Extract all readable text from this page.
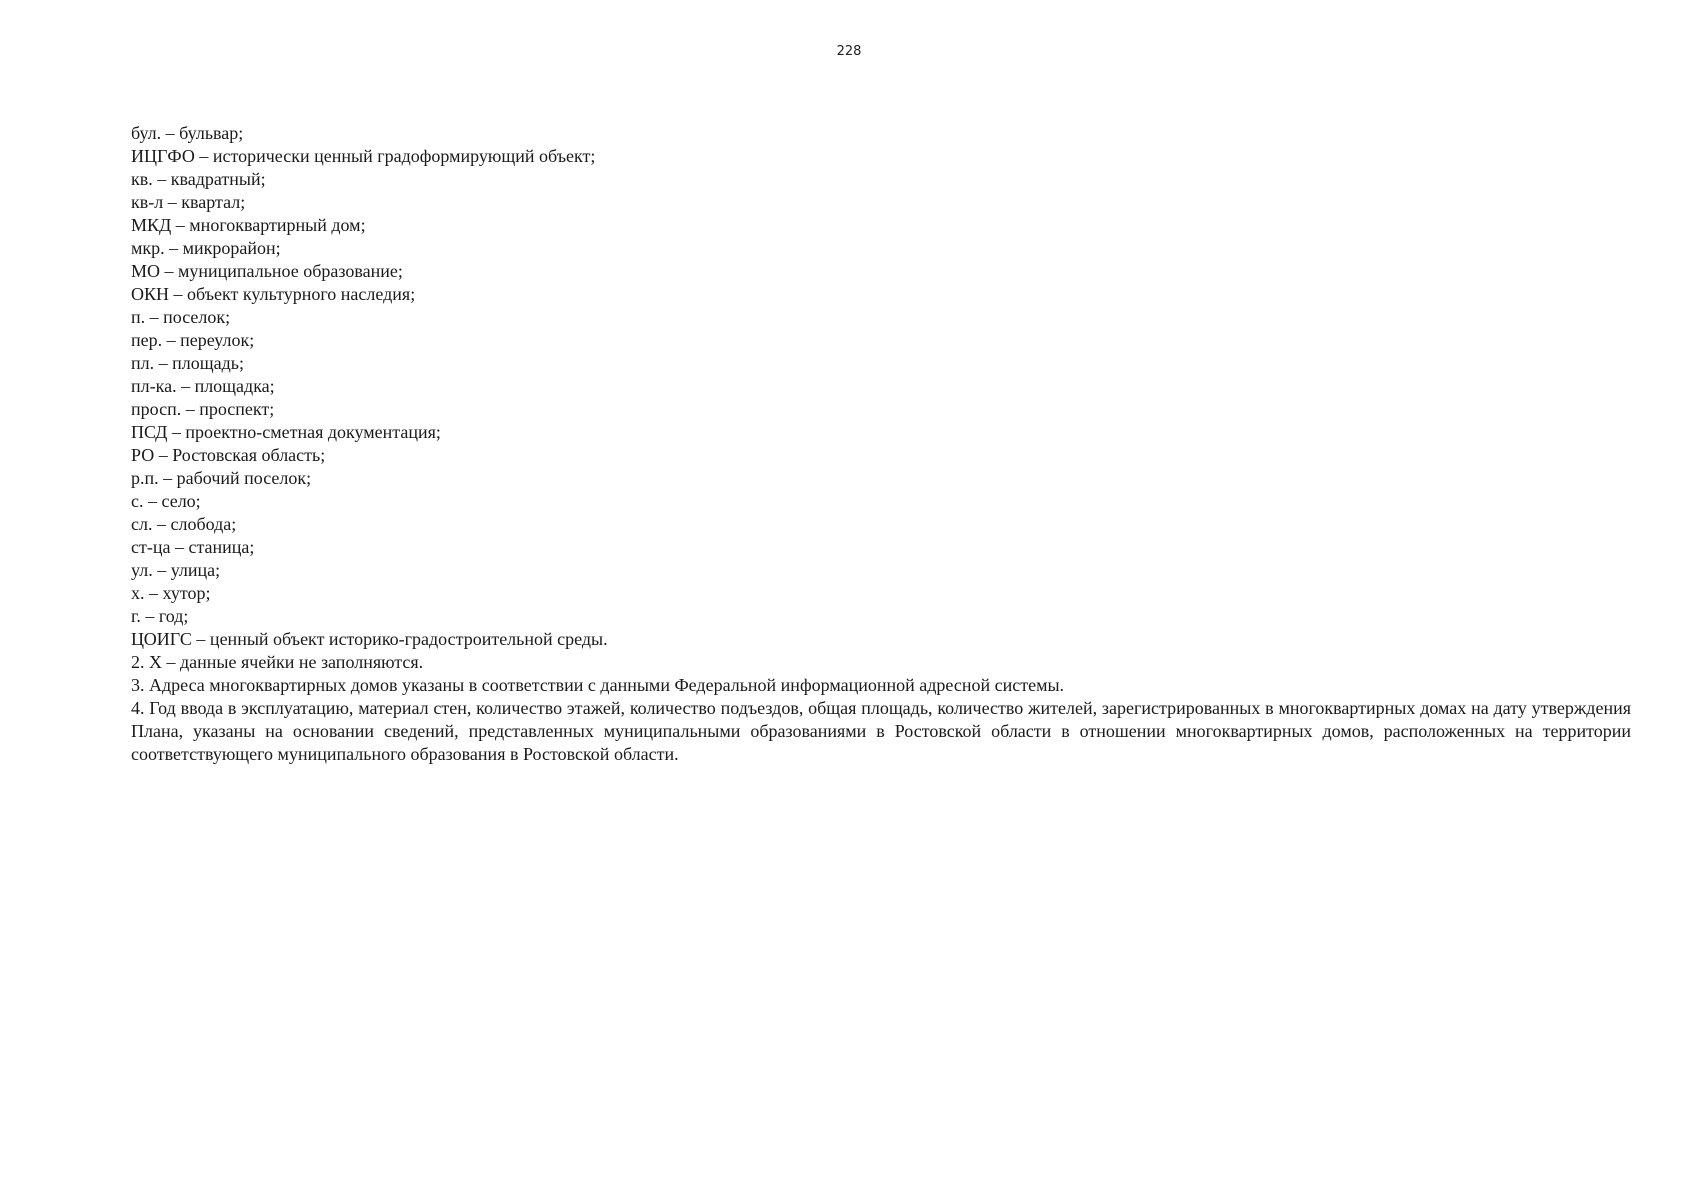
228
бул. – бульвар;
ИЦГФО – исторически ценный градоформирующий объект;
кв. – квадратный;
кв-л – квартал;
МКД – многоквартирный дом;
мкр. – микрорайон;
МО – муниципальное образование;
ОКН – объект культурного наследия;
п. – поселок;
пер. – переулок;
пл. – площадь;
пл-ка. – площадка;
просп. – проспект;
ПСД – проектно-сметная документация;
РО – Ростовская область;
р.п. – рабочий поселок;
с. – село;
сл. – слобода;
ст-ца – станица;
ул. – улица;
х. – хутор;
г. – год;
ЦОИГС – ценный объект историко-градостроительной среды.
2. Х – данные ячейки не заполняются.
3. Адреса многоквартирных домов указаны в соответствии с данными Федеральной информационной адресной системы.
4. Год ввода в эксплуатацию, материал стен, количество этажей, количество подъездов, общая площадь, количество жителей, зарегистрированных в многоквартирных домах на дату утверждения Плана, указаны на основании сведений, представленных муниципальными образованиями в Ростовской области в отношении многоквартирных домов, расположенных на территории соответствующего муниципального образования в Ростовской области.
